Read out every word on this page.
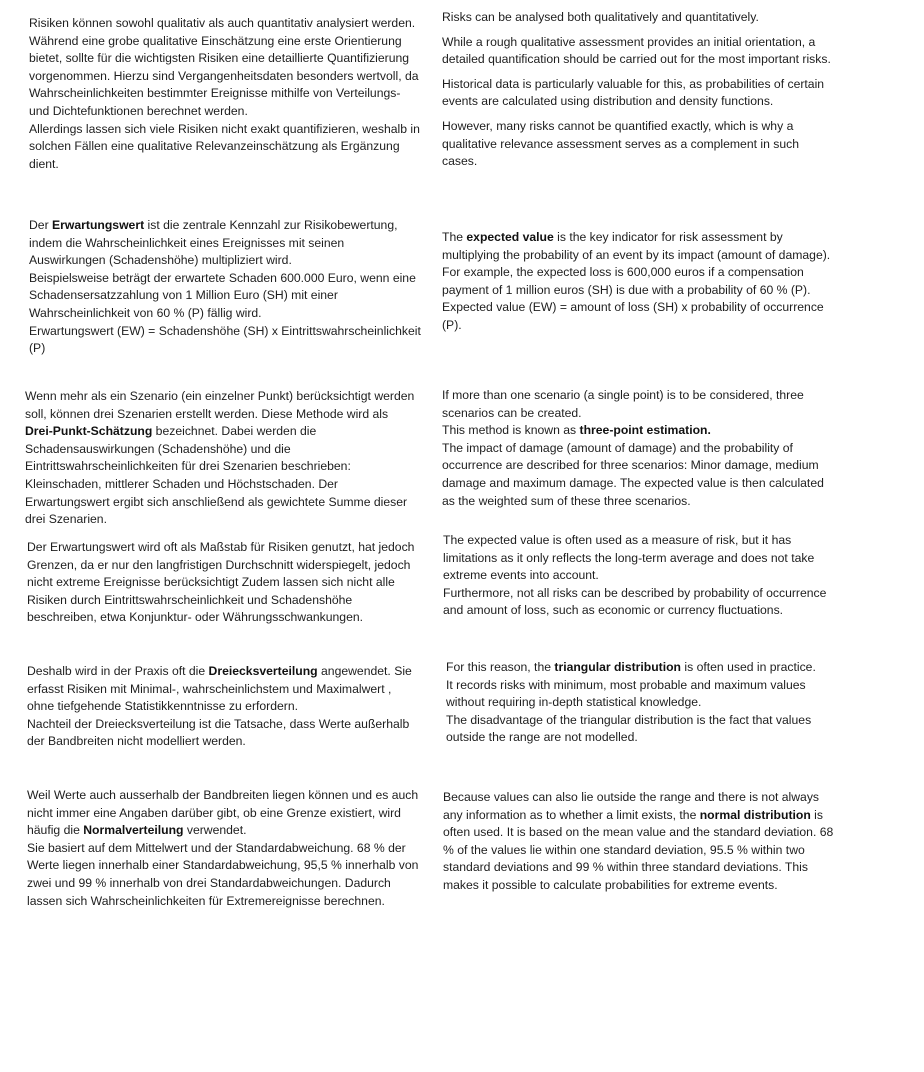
Risiken können sowohl qualitativ als auch quantitativ analysiert werden. Während eine grobe qualitative Einschätzung eine erste Orientierung bietet, sollte für die wichtigsten Risiken eine detaillierte Quantifizierung vorgenommen. Hierzu sind Vergangenheitsdaten besonders wertvoll, da Wahrscheinlichkeiten bestimmter Ereignisse mithilfe von Verteilungs- und Dichtefunktionen berechnet werden.

Allerdings lassen sich viele Risiken nicht exakt quantifizieren, weshalb in solchen Fällen eine qualitative Relevanzeinschätzung als Ergänzung dient.

Der Erwartungswert ist die zentrale Kennzahl zur Risikobewertung, indem die Wahrscheinlichkeit eines Ereignisses mit seinen Auswirkungen (Schadenshöhe) multipliziert wird.

Beispielsweise beträgt der erwartete Schaden 600.000 Euro, wenn eine Schadensersatzzahlung von 1 Million Euro (SH) mit einer Wahrscheinlichkeit von 60 % (P) fällig wird.

Erwartungswert (EW) = Schadenshöhe (SH) x Eintrittswahrscheinlichkeit (P)

Wenn mehr als ein Szenario (ein einzelner Punkt) berücksichtigt werden soll, können drei Szenarien erstellt werden. Diese Methode wird als Drei-Punkt-Schätzung bezeichnet. Dabei werden die Schadensauswirkungen (Schadenshöhe) und die Eintrittswahrscheinlichkeiten für drei Szenarien beschrieben: Kleinschaden, mittlerer Schaden und Höchstschaden. Der Erwartungswert ergibt sich anschließend als gewichtete Summe dieser drei Szenarien.

Der Erwartungswert wird oft als Maßstab für Risiken genutzt, hat jedoch Grenzen, da er nur den langfristigen Durchschnitt widerspiegelt, jedoch nicht extreme Ereignisse berücksichtigt Zudem lassen sich nicht alle Risiken durch Eintrittswahrscheinlichkeit und Schadenshöhe beschreiben, etwa Konjunktur- oder Währungsschwankungen.

Deshalb wird in der Praxis oft die Dreiecksverteilung angewendet. Sie erfasst Risiken mit Minimal-, wahrscheinlichstem und Maximalwert , ohne tiefgehende Statistikkenntnisse zu erfordern.

Nachteil der Dreiecksverteilung ist die Tatsache, dass Werte außerhalb der Bandbreiten nicht modelliert werden.

Weil Werte auch ausserhalb der Bandbreiten liegen können und es auch nicht immer eine Angaben darüber gibt, ob eine Grenze existiert, wird häufig die Normalverteilung verwendet.

Sie basiert auf dem Mittelwert und der Standardabweichung. 68 % der Werte liegen innerhalb einer Standardabweichung, 95,5 % innerhalb von zwei und 99 % innerhalb von drei Standardabweichungen. Dadurch lassen sich Wahrscheinlichkeiten für Extremereignisse berechnen.

Risks can be analysed both qualitatively and quantitatively.

While a rough qualitative assessment provides an initial orientation, a detailed quantification should be carried out for the most important risks.

Historical data is particularly valuable for this, as probabilities of certain events are calculated using distribution and density functions.

However, many risks cannot be quantified exactly, which is why a qualitative relevance assessment serves as a complement in such cases.

The expected value is the key indicator for risk assessment by multiplying the probability of an event by its impact (amount of damage).

For example, the expected loss is 600,000 euros if a compensation payment of 1 million euros (SH) is due with a probability of 60 % (P).

Expected value (EW) = amount of loss (SH) x probability of occurrence (P).

If more than one scenario (a single point) is to be considered, three scenarios can be created.

This method is known as three-point estimation.

The impact of damage (amount of damage) and the probability of occurrence are described for three scenarios: Minor damage, medium damage and maximum damage. The expected value is then calculated as the weighted sum of these three scenarios.

The expected value is often used as a measure of risk, but it has limitations as it only reflects the long-term average and does not take extreme events into account.

Furthermore, not all risks can be described by probability of occurrence and amount of loss, such as economic or currency fluctuations.

For this reason, the triangular distribution is often used in practice.

It records risks with minimum, most probable and maximum values without requiring in-depth statistical knowledge.

The disadvantage of the triangular distribution is the fact that values outside the range are not modelled.

Because values can also lie outside the range and there is not always any information as to whether a limit exists, the normal distribution is often used. It is based on the mean value and the standard deviation. 68 % of the values lie within one standard deviation, 95.5 % within two standard deviations and 99 % within three standard deviations. This makes it possible to calculate probabilities for extreme events.
